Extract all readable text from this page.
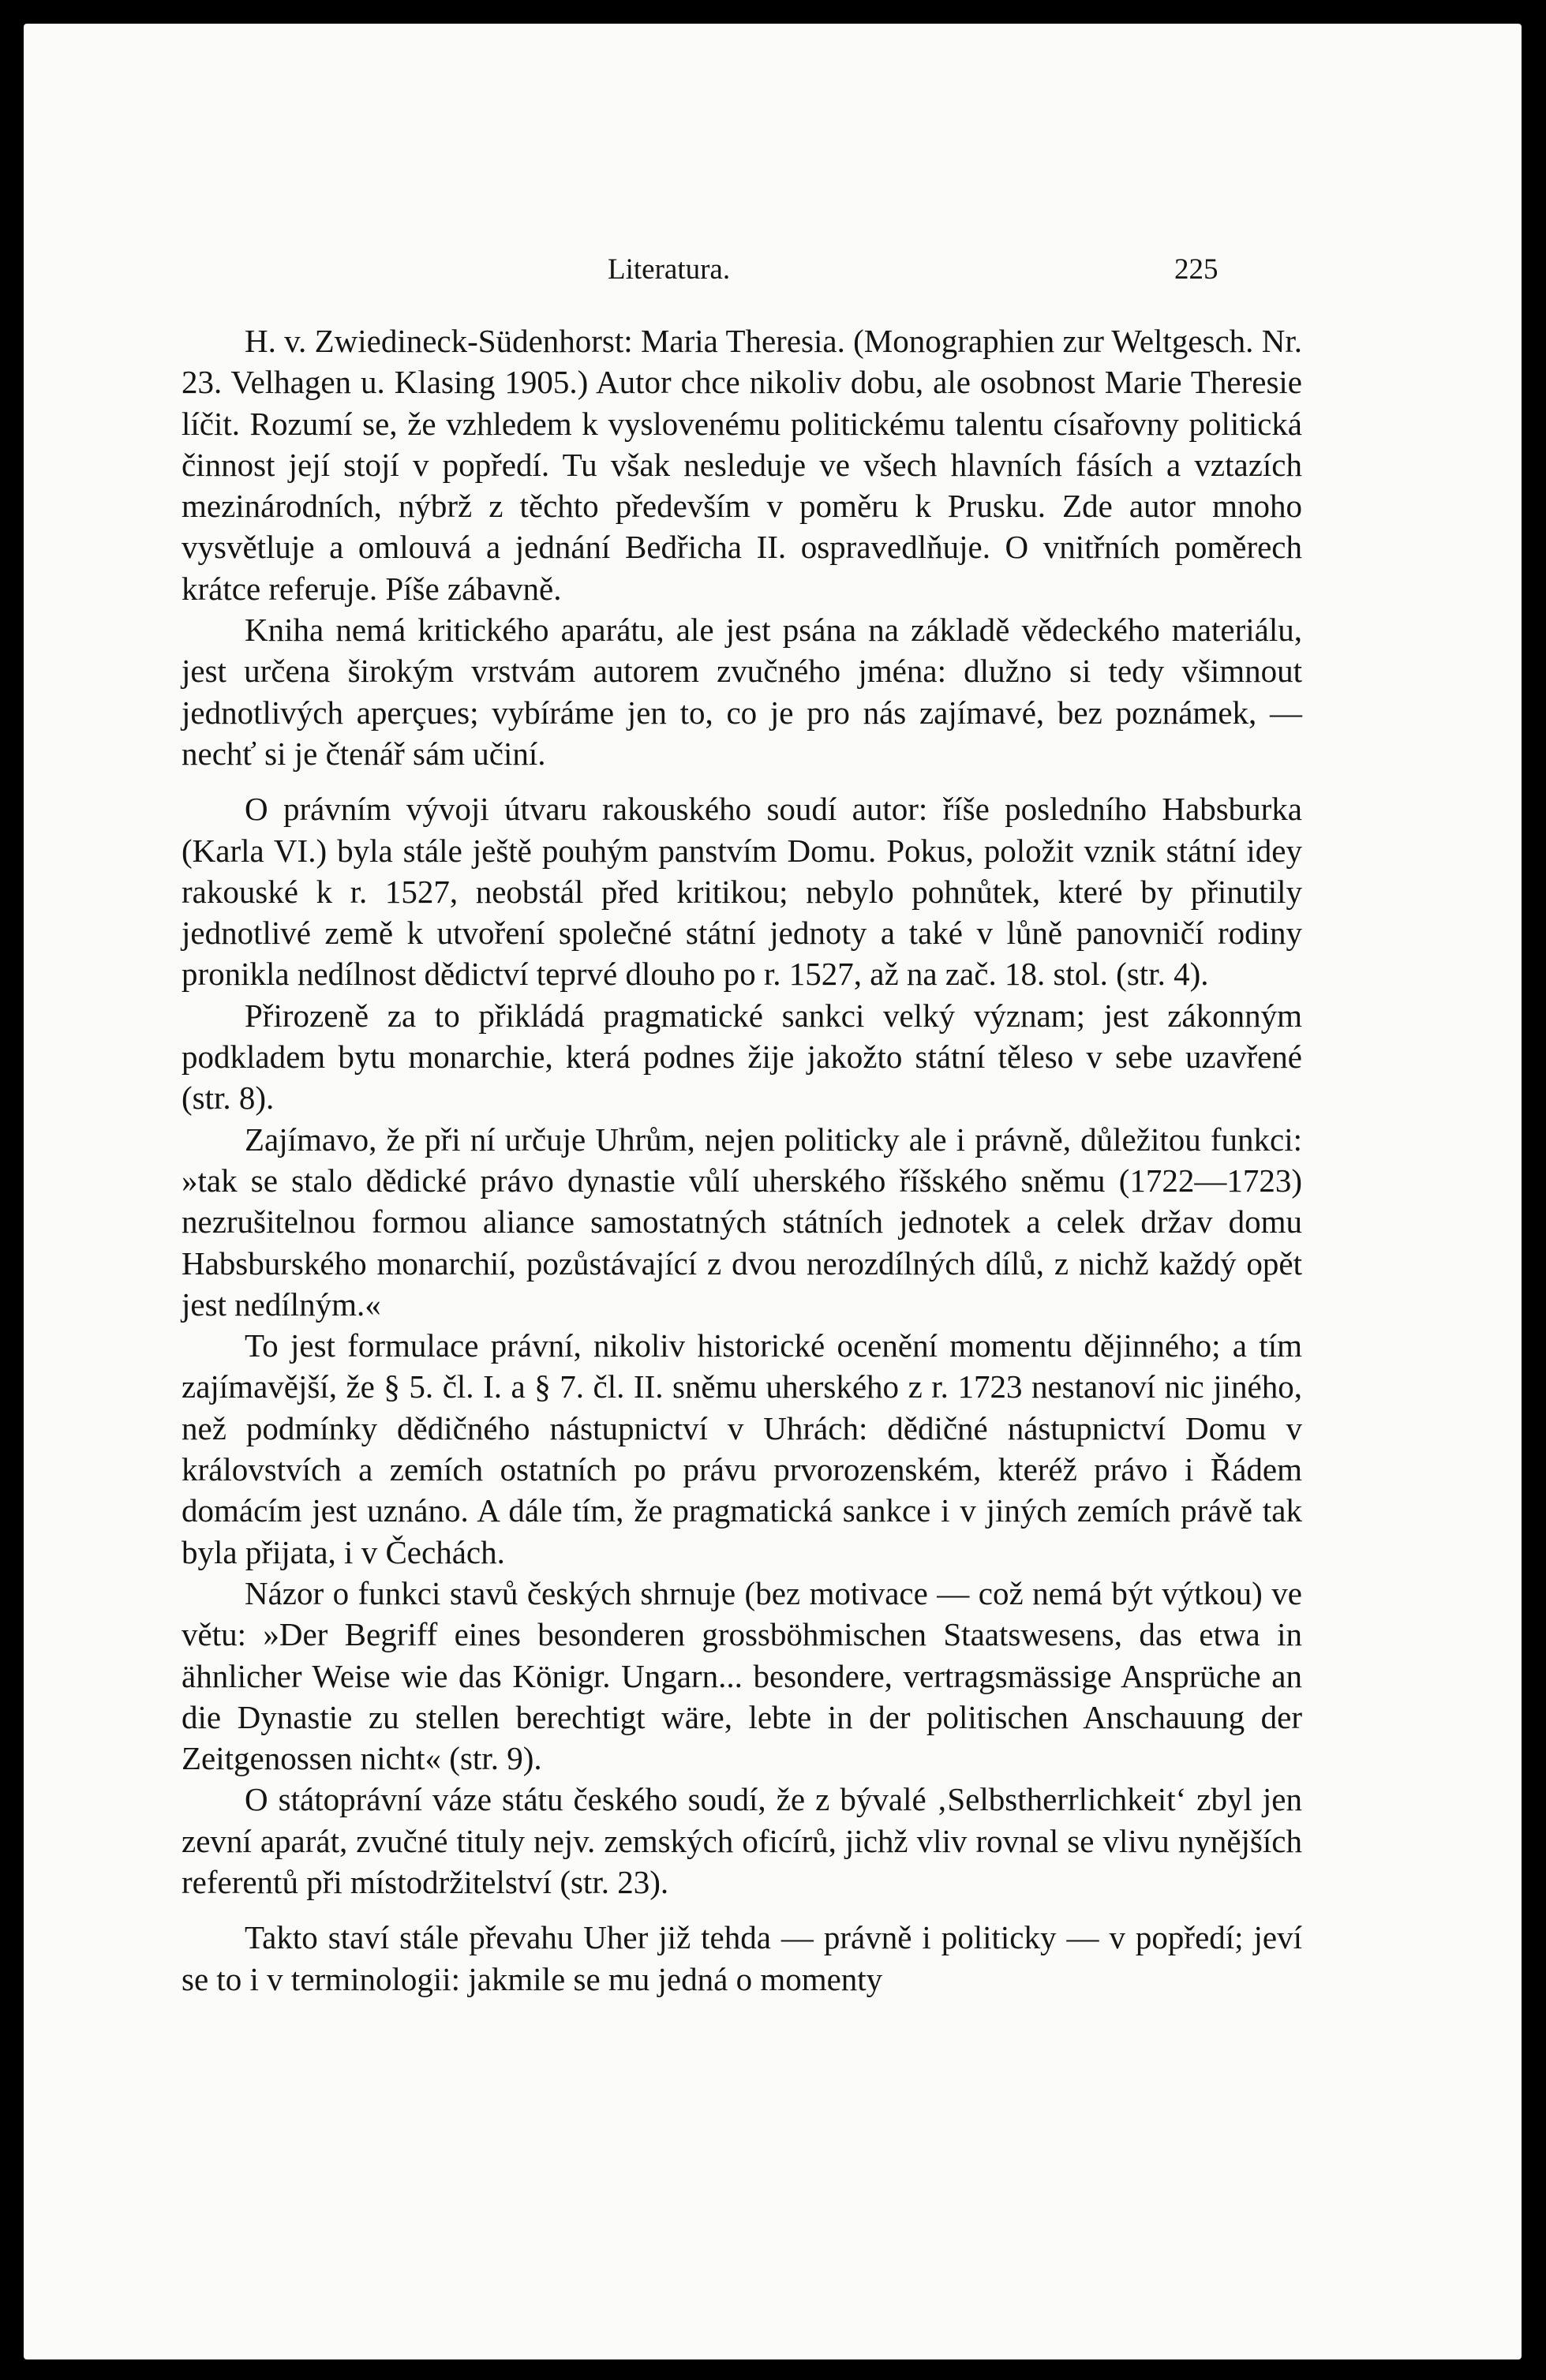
Literatura.	225

H. v. Zwiedineck-Südenhorst: Maria Theresia. (Monographien zur Weltgesch. Nr. 23. Velhagen u. Klasing 1905.) Autor chce nikoliv dobu, ale osobnost Marie Theresie líčit. Rozumí se, že vzhledem k vyslovenému politickému talentu císařovny politická činnost její stojí v popředí. Tu však nesleduje ve všech hlavních fásích a vztazích mezinárodních, nýbrž z těchto především v poměru k Prusku. Zde autor mnoho vysvětluje a omlouvá a jednání Bedřicha II. ospravedlňuje. O vnitřních poměrech krátce referuje. Píše zábavně.

Kniha nemá kritického aparátu, ale jest psána na základě vědeckého materiálu, jest určena širokým vrstvám autorem zvučného jména: dlužno si tedy všimnout jednotlivých aperçues; vybíráme jen to, co je pro nás zajímavé, bez poznámek, — nechť si je čtenář sám učiní.

O právním vývoji útvaru rakouského soudí autor: říše posledního Habsburka (Karla VI.) byla stále ještě pouhým panstvím Domu. Pokus, položit vznik státní idey rakouské k r. 1527, neobstál před kritikou; nebylo pohnůtek, které by přinutily jednotlivé země k utvoření společné státní jednoty a také v lůně panovničí rodiny pronikla nedílnost dědictví teprvé dlouho po r. 1527, až na zač. 18. stol. (str. 4).

Přirozeně za to přikládá pragmatické sankci velký význam; jest zákonným podkladem bytu monarchie, která podnes žije jakožto státní těleso v sebe uzavřené (str. 8).

Zajímavo, že při ní určuje Uhrům, nejen politicky ale i právně, důležitou funkci: »tak se stalo dědické právo dynastie vůlí uherského říšského sněmu (1722—1723) nezrušitelnou formou aliance samostatných státních jednotek a celek držav domu Habsburského monarchií, pozůstávající z dvou nerozdílných dílů, z nichž každý opět jest nedílným.«

To jest formulace právní, nikoliv historické ocenění momentu dějinného; a tím zajímavější, že § 5. čl. I. a § 7. čl. II. sněmu uherského z r. 1723 nestanoví nic jiného, než podmínky dědičného nástupnictví v Uhrách: dědičné nástupnictví Domu v královstvích a zemích ostatních po právu prvorozenském, kteréž právo i Řádem domácím jest uznáno. A dále tím, že pragmatická sankce i v jiných zemích právě tak byla přijata, i v Čechách.

Názor o funkci stavů českých shrnuje (bez motivace — což nemá být výtkou) ve větu: »Der Begriff eines besonderen grossböhmischen Staatswesens, das etwa in ähnlicher Weise wie das Königr. Ungarn... besondere, vertragsmässige Ansprüche an die Dynastie zu stellen berechtigt wäre, lebte in der politischen Anschauung der Zeitgenossen nicht« (str. 9).

O státoprávní váze státu českého soudí, že z bývalé ‚Selbstherrlichkeit‘ zbyl jen zevní aparát, zvučné tituly nejv. zemských oficírů, jichž vliv rovnal se vlivu nynějších referentů při místodržitelství (str. 23).

Takto staví stále převahu Uher již tehda — právně i politicky — v popředí; jeví se to i v terminologii: jakmile se mu jedná o momenty
